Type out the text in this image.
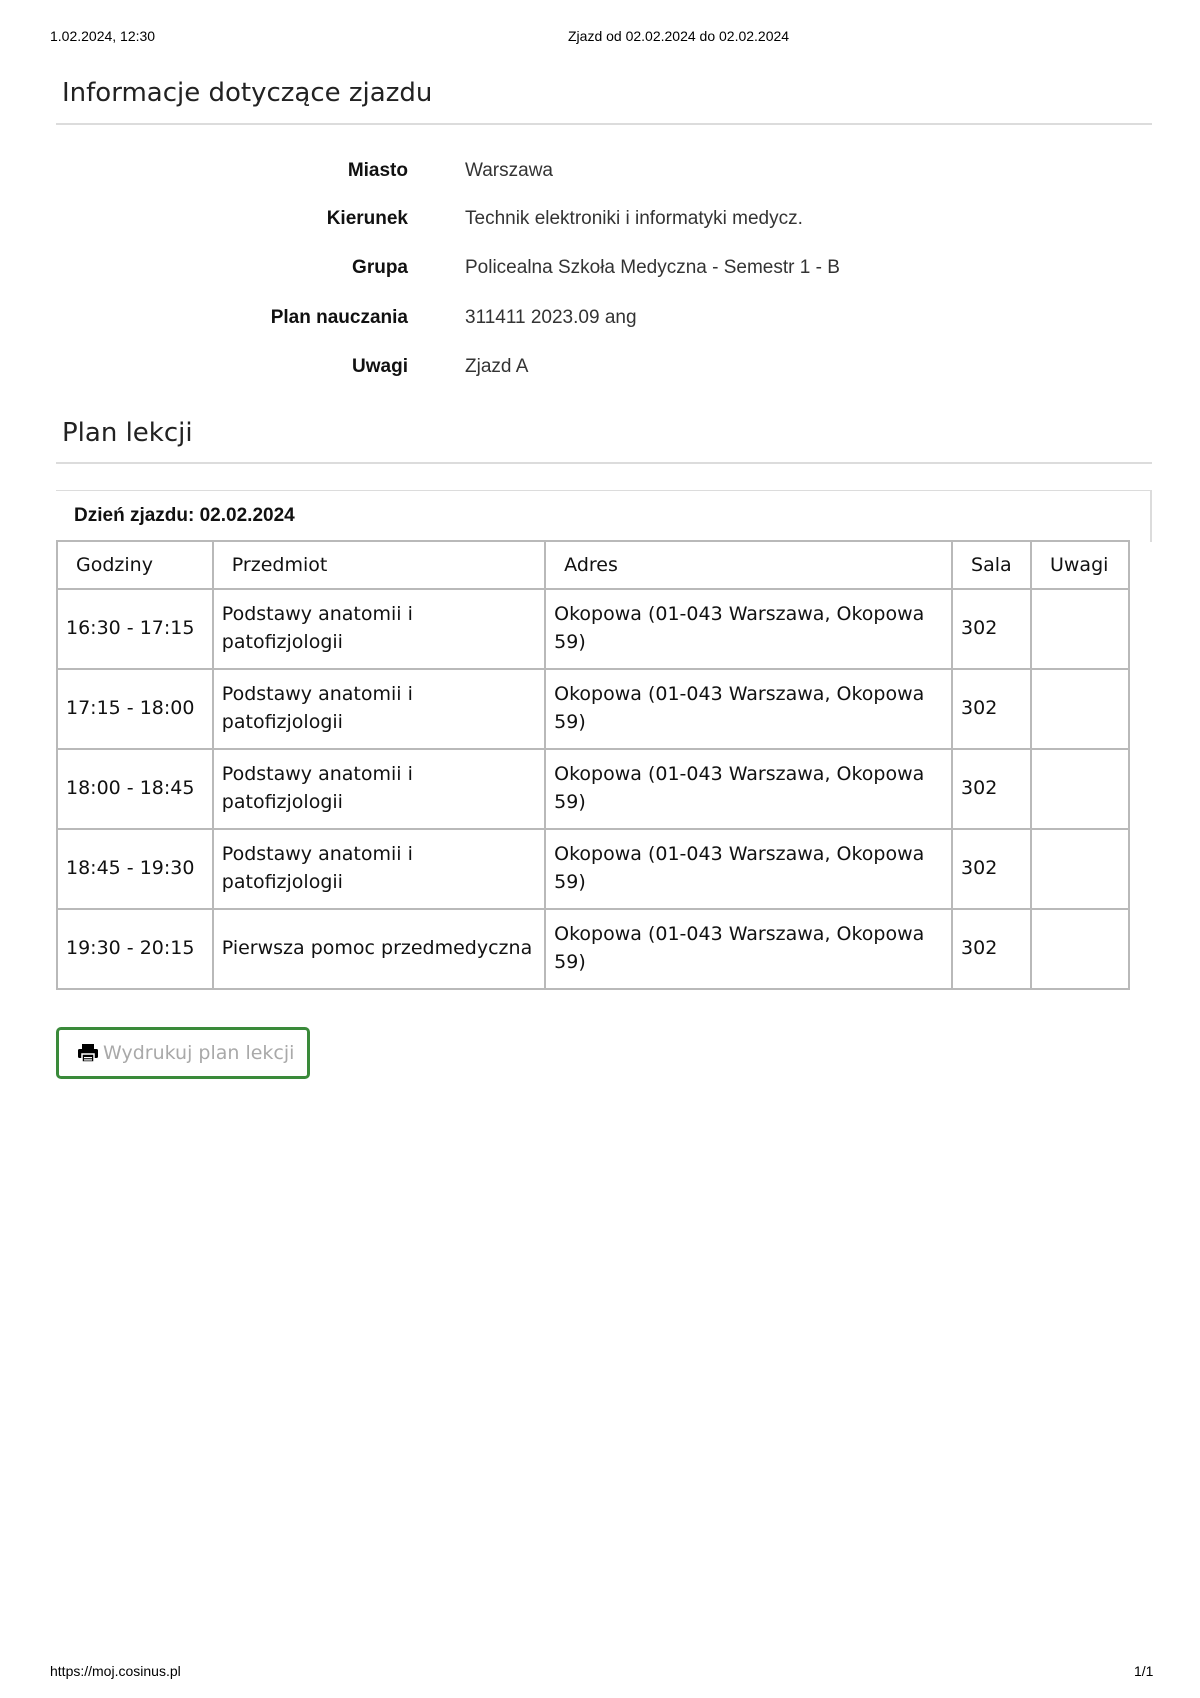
1.02.2024, 12:30	Zjazd od 02.02.2024 do 02.02.2024
Informacje dotyczące zjazdu
Miasto	Warszawa
Kierunek	Technik elektroniki i informatyki medycz.
Grupa	Policealna Szkoła Medyczna - Semestr 1 - B
Plan nauczania	311411 2023.09 ang
Uwagi	Zjazd A
Plan lekcji
Dzień zjazdu: 02.02.2024
Godziny	Przedmiot	Adres	Sala	Uwagi
16:30 - 17:15	Podstawy anatomii i patofizjologii	Okopowa (01-043 Warszawa, Okopowa 59)	302	
17:15 - 18:00	Podstawy anatomii i patofizjologii	Okopowa (01-043 Warszawa, Okopowa 59)	302	
18:00 - 18:45	Podstawy anatomii i patofizjologii	Okopowa (01-043 Warszawa, Okopowa 59)	302	
18:45 - 19:30	Podstawy anatomii i patofizjologii	Okopowa (01-043 Warszawa, Okopowa 59)	302	
19:30 - 20:15	Pierwsza pomoc przedmedyczna	Okopowa (01-043 Warszawa, Okopowa 59)	302	
Wydrukuj plan lekcji
https://moj.cosinus.pl	1/1
